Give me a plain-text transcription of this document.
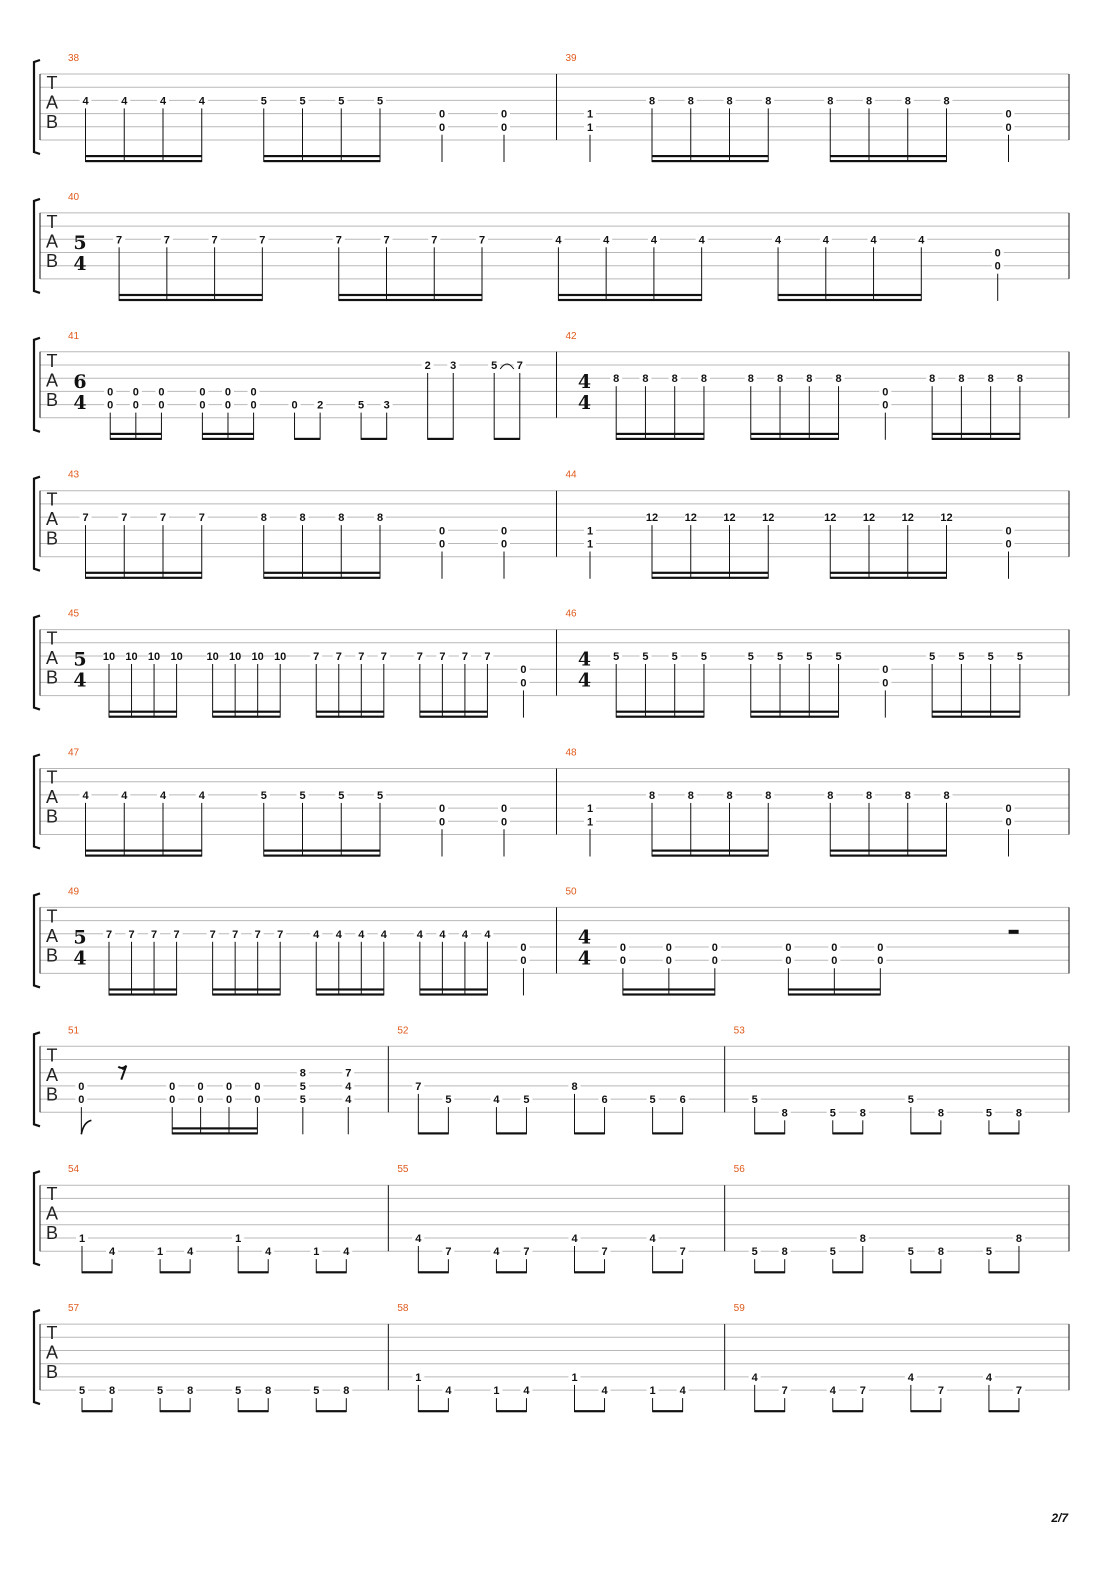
T
A
B
38
4	4	4	4	5	5	5	5
0
0
0
0
39
1
1
8	8	8	8	8	8	8	8
0
0
T
A
B
40
5
4
7	7	7	7	7	7	7	7	4	4	4	4	4	4	4	4
0
0
T
A
B
41
6
4 0
0
0
0
0
0
0
0
0
0
0
0	0 2	5 3
2 3	5 7
42
4
4
8 8 8 8	8 8 8 8
0
0
8 8 8 8
T
A
B
43
7	7	7	7	8	8	8	8
0
0
0
0
44
1
1
12 12 12 12	12 12 12 12
0
0
T
A
B
45
5
4
10 10 10 10 10 10 10 10 7 7 7 7	7 7 7 7
0
0
46
4
4
5 5 5 5	5 5 5 5
0
0
5 5 5 5
T
A
B
47
4	4	4	4	5	5	5	5
0
0
0
0
48
1
1
8	8	8	8	8	8	8	8
0
0
T
A
B
49
5
4
7 7 7 7	7 7 7 7	4 4 4 4	4 4 4 4
0
0
50
4
4	0
0
0
0
0
0
0
0
0
0
0
0
T
A
B
51
0
0
𝄾
0
0
0
0
0
0
0
0
8
5
5
7
4
4
52
7
5	4 5
8
6	5 6
53
5
8	5 8
5
8	5 8
T
A
B
54
1
4	1 4
1
4	1 4
55
4
7	4 7
4
7
4
7
56
5 8	5
8
5 8	5
8
T
A
B
57
5 8	5 8	5 8	5 8
58
1
4	1 4
1
4	1 4
59
4
7	4 7
4
7
4
7
2/7
